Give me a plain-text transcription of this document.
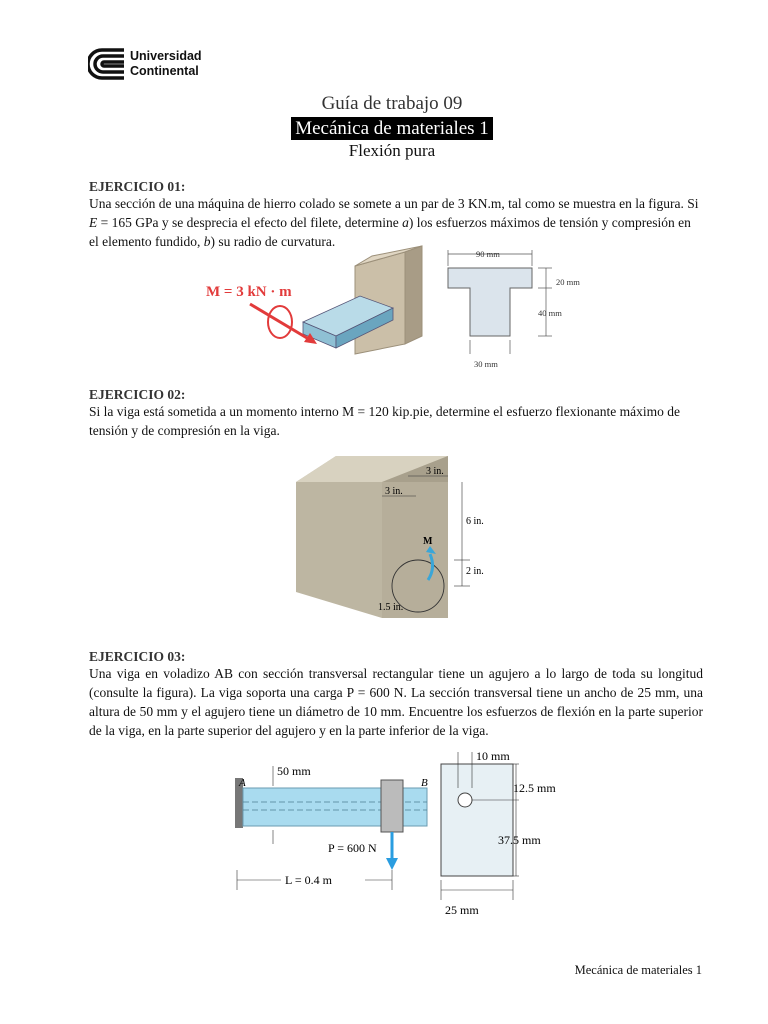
Universidad
Continental
Guía de trabajo 09
Mecánica de materiales 1
Flexión pura
EJERCICIO 01:
Una sección de una máquina de hierro colado se somete a un par de 3 KN.m, tal como se muestra en la figura. Si E = 165 GPa y se desprecia el efecto del filete, determine a) los esfuerzos máximos de tensión y compresión en el elemento fundido, b) su radio de curvatura.
M = 3 kN · m
90 mm
20 mm
40 mm
30 mm
EJERCICIO 02:
Si la viga está sometida a un momento interno M = 120 kip.pie, determine el esfuerzo flexionante máximo de tensión y de compresión en la viga.
M
3 in.
3 in.
6 in.
2 in.
1.5 in.
EJERCICIO 03:
Una viga en voladizo AB con sección transversal rectangular tiene un agujero a lo largo de toda su longitud (consulte la figura). La viga soporta una carga P = 600 N. La sección transversal tiene un ancho de 25 mm, una altura de 50 mm y el agujero tiene un diámetro de 10 mm. Encuentre los esfuerzos de flexión en la parte superior de la viga, en la parte superior del agujero y en la parte inferior de la viga.
A	B
50 mm
P = 600 N
L = 0.4 m
10 mm
12.5 mm
37.5 mm
25 mm
Mecánica de materiales 1
